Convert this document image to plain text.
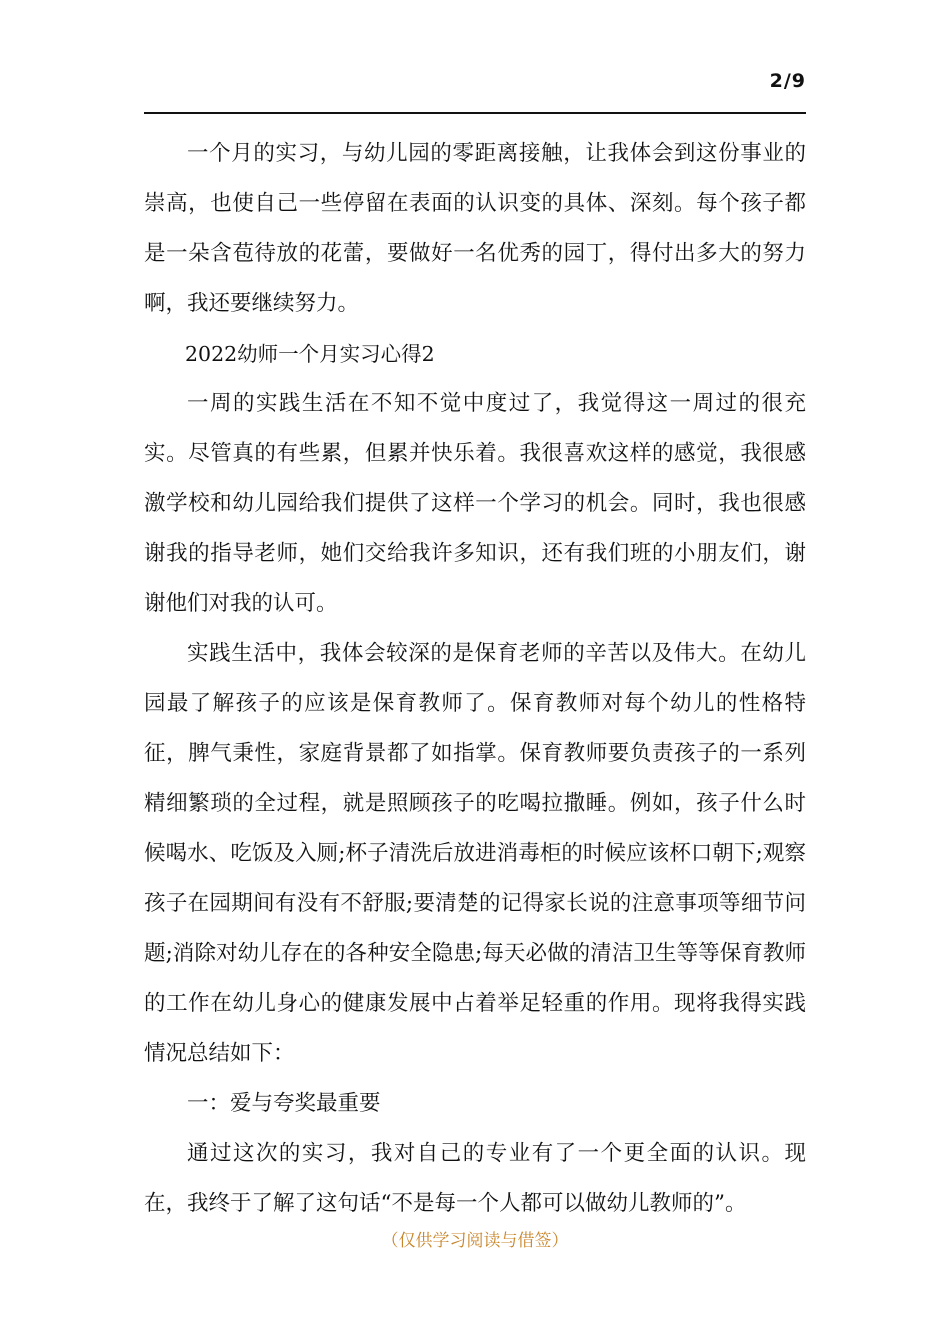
2/9

一个月的实习，与幼儿园的零距离接触，让我体会到这份事业的崇高，也使自己一些停留在表面的认识变的具体、深刻。每个孩子都是一朵含苞待放的花蕾，要做好一名优秀的园丁，得付出多大的努力啊，我还要继续努力。

2022幼师一个月实习心得2

一周的实践生活在不知不觉中度过了，我觉得这一周过的很充实。尽管真的有些累，但累并快乐着。我很喜欢这样的感觉，我很感激学校和幼儿园给我们提供了这样一个学习的机会。同时，我也很感谢我的指导老师，她们交给我许多知识，还有我们班的小朋友们，谢谢他们对我的认可。

实践生活中，我体会较深的是保育老师的辛苦以及伟大。在幼儿园最了解孩子的应该是保育教师了。保育教师对每个幼儿的性格特征，脾气秉性，家庭背景都了如指掌。保育教师要负责孩子的一系列精细繁琐的全过程，就是照顾孩子的吃喝拉撒睡。例如，孩子什么时候喝水、吃饭及入厕;杯子清洗后放进消毒柜的时候应该杯口朝下;观察孩子在园期间有没有不舒服;要清楚的记得家长说的注意事项等细节问题;消除对幼儿存在的各种安全隐患;每天必做的清洁卫生等等保育教师的工作在幼儿身心的健康发展中占着举足轻重的作用。现将我得实践情况总结如下：

一：爱与夸奖最重要

通过这次的实习，我对自己的专业有了一个更全面的认识。现在，我终于了解了这句话“不是每一个人都可以做幼儿教师的”。

（仅供学习阅读与借签）
